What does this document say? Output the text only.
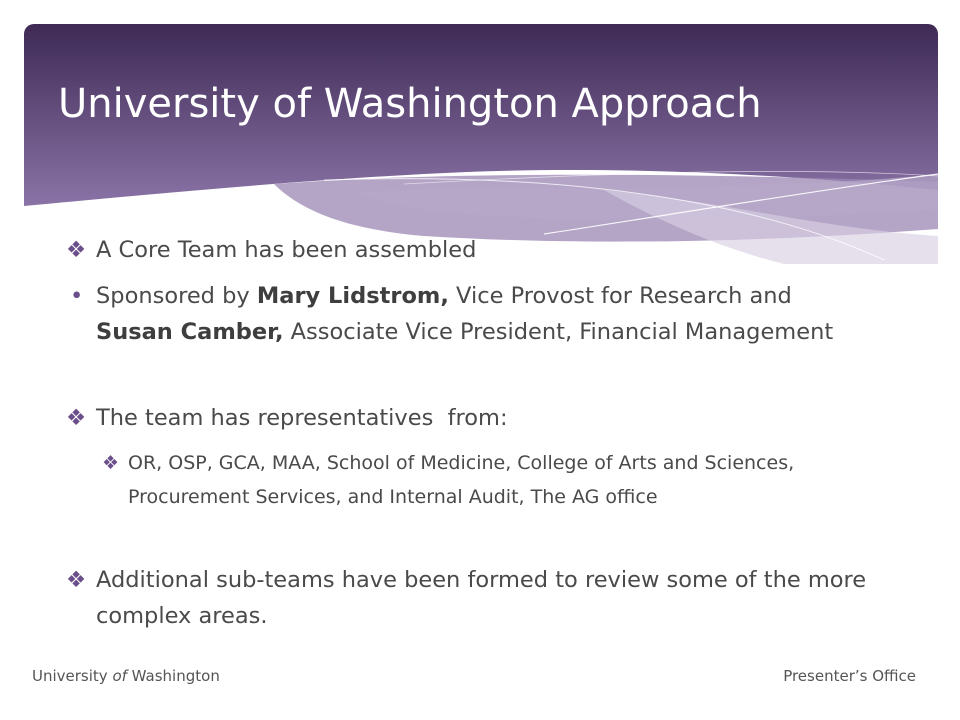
University of Washington Approach
❖ A Core Team has been assembled
• Sponsored by Mary Lidstrom, Vice Provost for Research and Susan Camber, Associate Vice President, Financial Management
❖ The team has representatives  from:
❖ OR, OSP, GCA, MAA, School of Medicine, College of Arts and Sciences, Procurement Services, and Internal Audit, The AG office
❖ Additional sub-teams have been formed to review some of the more complex areas.
University of Washington	Presenter’s Office
